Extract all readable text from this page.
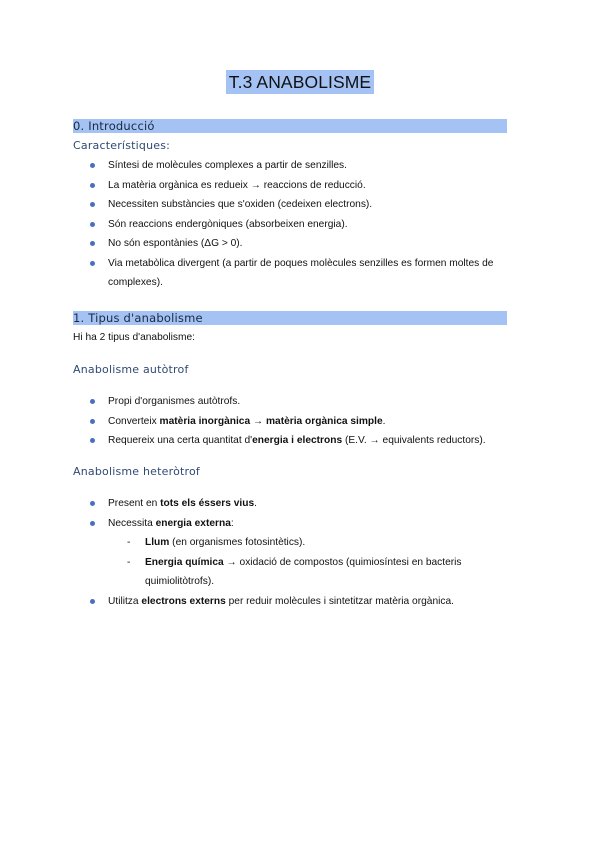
T.3 ANABOLISME
0. Introducció
Característiques:
Síntesi de molècules complexes a partir de senzilles.
La matèria orgànica es redueix → reaccions de reducció.
Necessiten substàncies que s'oxiden (cedeixen electrons).
Són reaccions endergòniques (absorbeixen energia).
No són espontànies (ΔG > 0).
Via metabòlica divergent (a partir de poques molècules senzilles es formen moltes de complexes).
1. Tipus d'anabolisme
Hi ha 2 tipus d'anabolisme:
Anabolisme autòtrof
Propi d'organismes autòtrofs.
Converteix matèria inorgànica → matèria orgànica simple.
Requereix una certa quantitat d'energia i electrons (E.V. → equivalents reductors).
Anabolisme heteròtrof
Present en tots els éssers vius.
Necessita energia externa:
- Llum (en organismes fotosintètics).
- Energia química → oxidació de compostos (quimiosíntesi en bacteris quimiolitòtrofs).
Utilitza electrons externs per reduir molècules i sintetitzar matèria orgànica.
